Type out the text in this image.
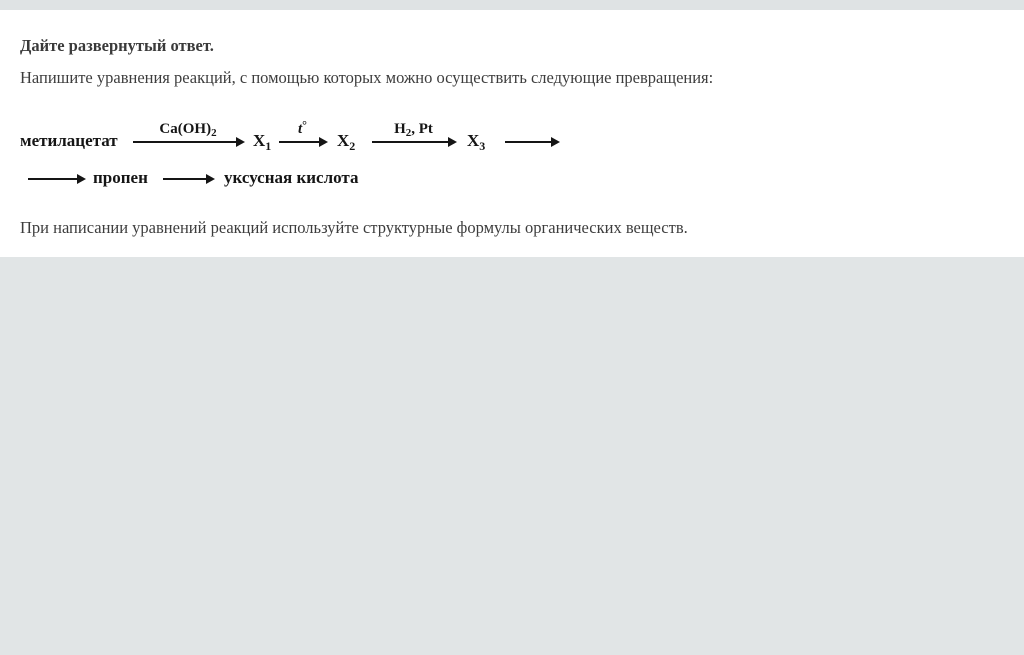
Дайте развернутый ответ.
Напишите уравнения реакций, с помощью которых можно осуществить следующие превращения:
метилацетат
$Ca(OH)_2$ $X_1$
t°
$X_2$
$H_2$, Pt
$X_3$
пропен	уксусная кислота
При написании уравнений реакций используйте структурные формулы органических веществ.
